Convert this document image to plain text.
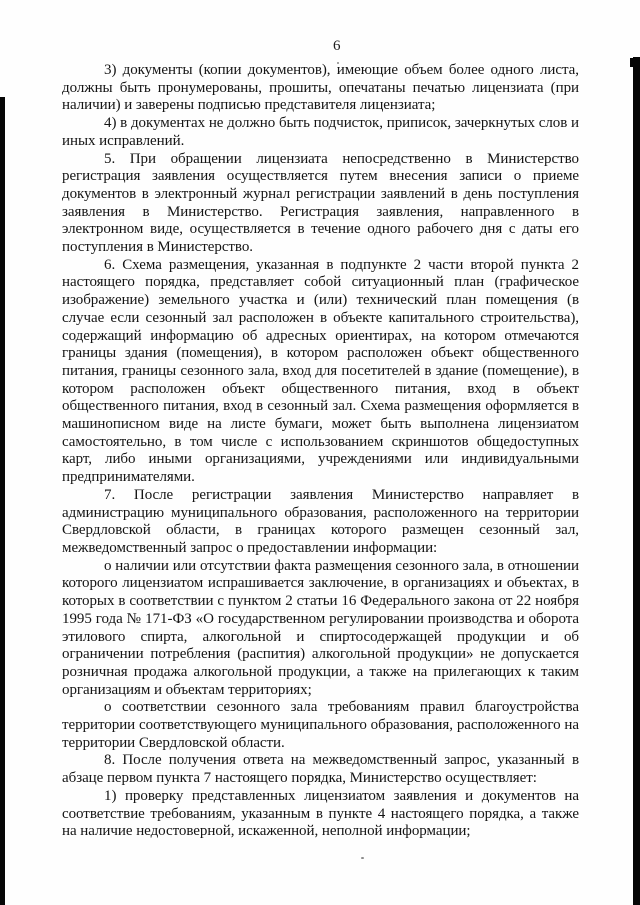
6

3) документы (копии документов), имеющие объем более одного листа, должны быть пронумерованы, прошиты, опечатаны печатью лицензиата (при наличии) и заверены подписью представителя лицензиата;

4) в документах не должно быть подчисток, приписок, зачеркнутых слов и иных исправлений.

5. При обращении лицензиата непосредственно в Министерство регистрация заявления осуществляется путем внесения записи о приеме документов в электронный журнал регистрации заявлений в день поступления заявления в Министерство. Регистрация заявления, направленного в электронном виде, осуществляется в течение одного рабочего дня с даты его поступления в Министерство.

6. Схема размещения, указанная в подпункте 2 части второй пункта 2 настоящего порядка, представляет собой ситуационный план (графическое изображение) земельного участка и (или) технический план помещения (в случае если сезонный зал расположен в объекте капитального строительства), содержащий информацию об адресных ориентирах, на котором отмечаются границы здания (помещения), в котором расположен объект общественного питания, границы сезонного зала, вход для посетителей в здание (помещение), в котором расположен объект общественного питания, вход в объект общественного питания, вход в сезонный зал. Схема размещения оформляется в машинописном виде на листе бумаги, может быть выполнена лицензиатом самостоятельно, в том числе с использованием скриншотов общедоступных карт, либо иными организациями, учреждениями или индивидуальными предпринимателями.

7. После регистрации заявления Министерство направляет в администрацию муниципального образования, расположенного на территории Свердловской области, в границах которого размещен сезонный зал, межведомственный запрос о предоставлении информации:

о наличии или отсутствии факта размещения сезонного зала, в отношении которого лицензиатом испрашивается заключение, в организациях и объектах, в которых в соответствии с пунктом 2 статьи 16 Федерального закона от 22 ноября 1995 года № 171-ФЗ «О государственном регулировании производства и оборота этилового спирта, алкогольной и спиртосодержащей продукции и об ограничении потребления (распития) алкогольной продукции» не допускается розничная продажа алкогольной продукции, а также на прилегающих к таким организациям и объектам территориях;

о соответствии сезонного зала требованиям правил благоустройства территории соответствующего муниципального образования, расположенного на территории Свердловской области.

8. После получения ответа на межведомственный запрос, указанный в абзаце первом пункта 7 настоящего порядка, Министерство осуществляет:

1) проверку представленных лицензиатом заявления и документов на соответствие требованиям, указанным в пункте 4 настоящего порядка, а также на наличие недостоверной, искаженной, неполной информации;
